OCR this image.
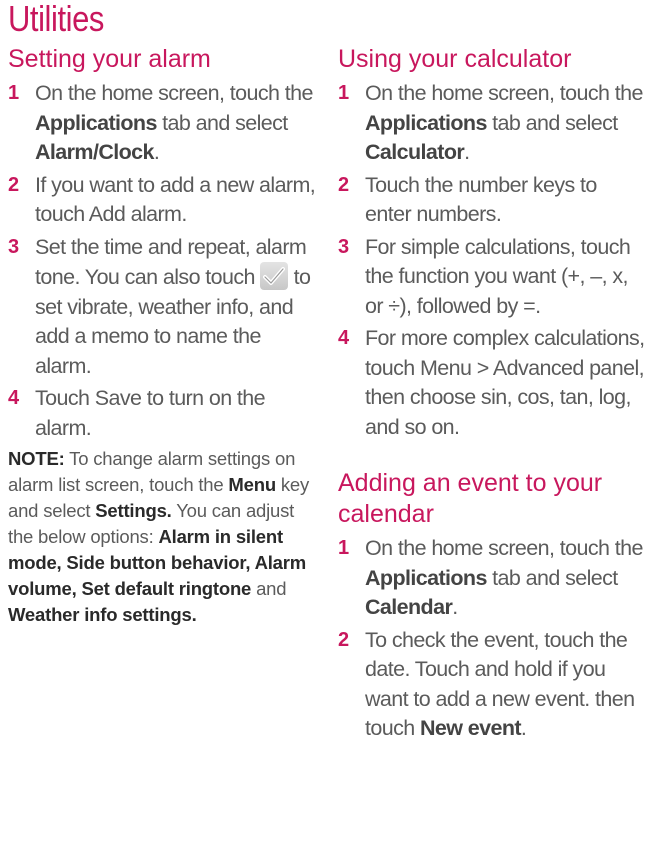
Utilities
Setting your alarm
1 On the home screen, touch the Applications tab and select Alarm/Clock.
2 If you want to add a new alarm, touch Add alarm.
3 Set the time and repeat, alarm tone. You can also touch
to set vibrate, weather info, and add a memo to name the alarm.
4 Touch Save to turn on the alarm.
NOTE: To change alarm settings on alarm list screen, touch the Menu key and select Settings. You can adjust the below options: Alarm in silent mode, Side button behavior, Alarm volume, Set default ringtone and Weather info settings.
Using your calculator
1 On the home screen, touch the Applications tab and select Calculator.
2 Touch the number keys to enter numbers.
3 For simple calculations, touch the function you want (+, –, x, or ÷), followed by =.
4 For more complex calculations, touch Menu > Advanced panel, then choose sin, cos, tan, log, and so on.
Adding an event to your calendar
1 On the home screen, touch the Applications tab and select Calendar.
2 To check the event, touch the date. Touch and hold if you want to add a new event. then touch New event.
